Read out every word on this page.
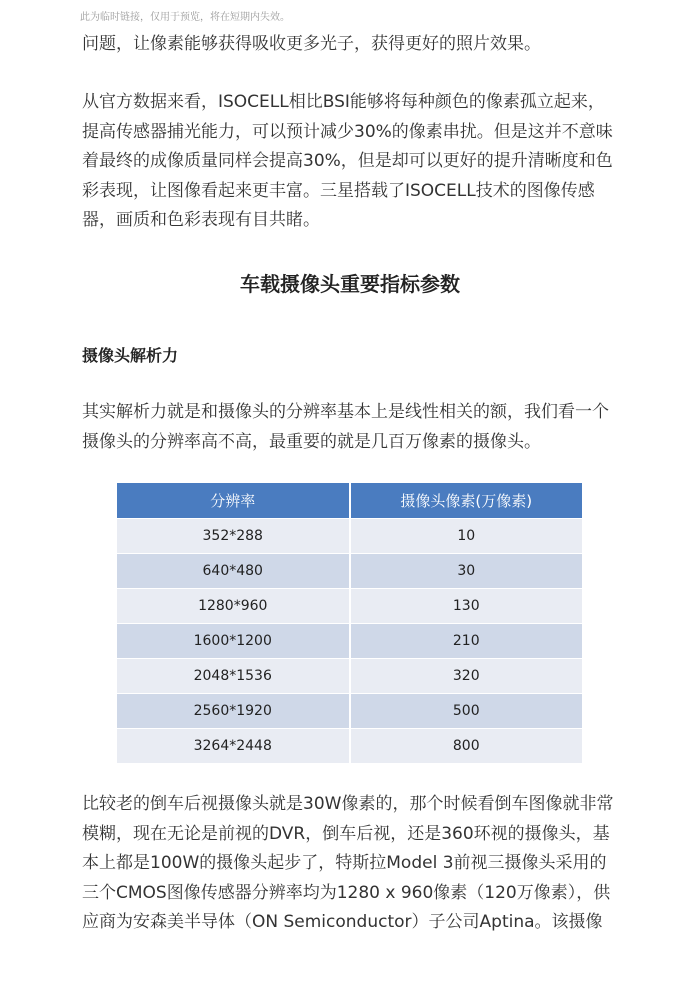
此为临时链接，仅用于预览，将在短期内失效。

问题，让像素能够获得吸收更多光子，获得更好的照片效果。

从官方数据来看，ISOCELL相比BSI能够将每种颜色的像素孤立起来，
提高传感器捕光能力，可以预计减少30%的像素串扰。但是这并不意味
着最终的成像质量同样会提高30%，但是却可以更好的提升清晰度和色
彩表现，让图像看起来更丰富。三星搭载了ISOCELL技术的图像传感
器，画质和色彩表现有目共睹。

车载摄像头重要指标参数
摄像头解析力

其实解析力就是和摄像头的分辨率基本上是线性相关的额，我们看一个
摄像头的分辨率高不高，最重要的就是几百万像素的摄像头。

分辨率	摄像头像素(万像素)
352*288	10
640*480	30
1280*960	130
1600*1200	210
2048*1536	320
2560*1920	500
3264*2448	800

比较老的倒车后视摄像头就是30W像素的，那个时候看倒车图像就非常
模糊，现在无论是前视的DVR，倒车后视，还是360环视的摄像头，基
本上都是100W的摄像头起步了，特斯拉Model 3前视三摄像头采用的
三个CMOS图像传感器分辨率均为1280 x 960像素（120万像素），供
应商为安森美半导体（ON Semiconductor）子公司Aptina。该摄像
